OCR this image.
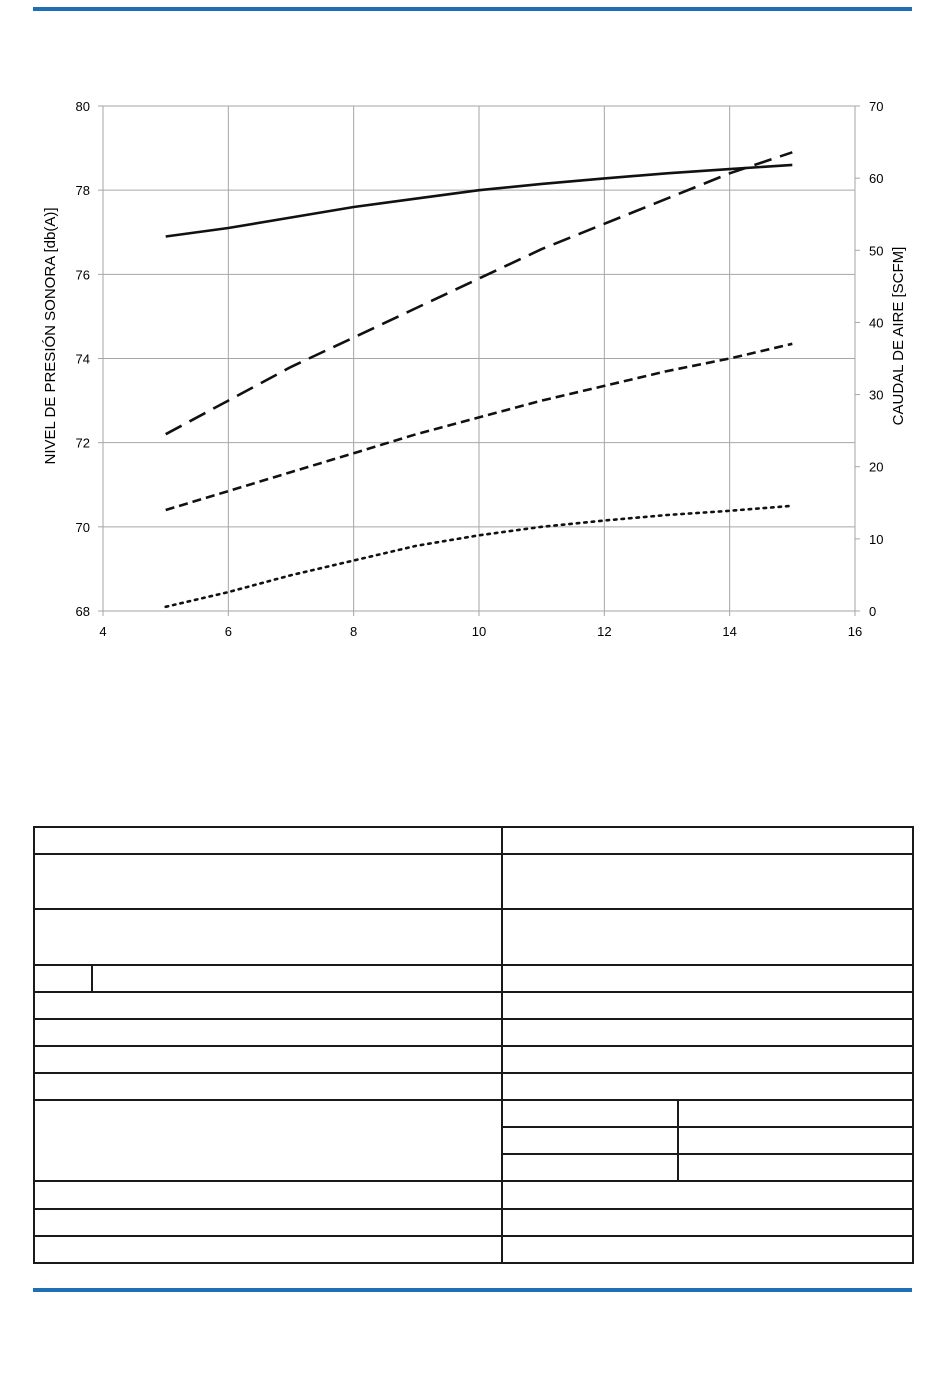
4	6	8	10	12	14	16
68
70
72
74
76
78
80
0
10
20
30
40
50
60
70
NIVEL DE PRESIÓN SONORA [db(A)]	CAUDAL DE AIRE [SCFM]
